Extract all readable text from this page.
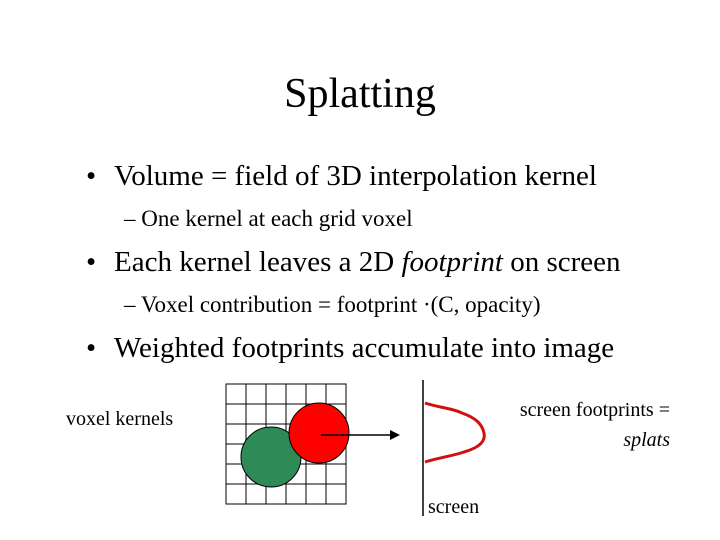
Splatting
• Volume = field of 3D interpolation kernel
– One kernel at each grid voxel
• Each kernel leaves a 2D footprint on screen
– Voxel contribution = footprint ·(C, opacity)
• Weighted footprints accumulate into image
voxel kernels	screen footprints =
splats
screen
